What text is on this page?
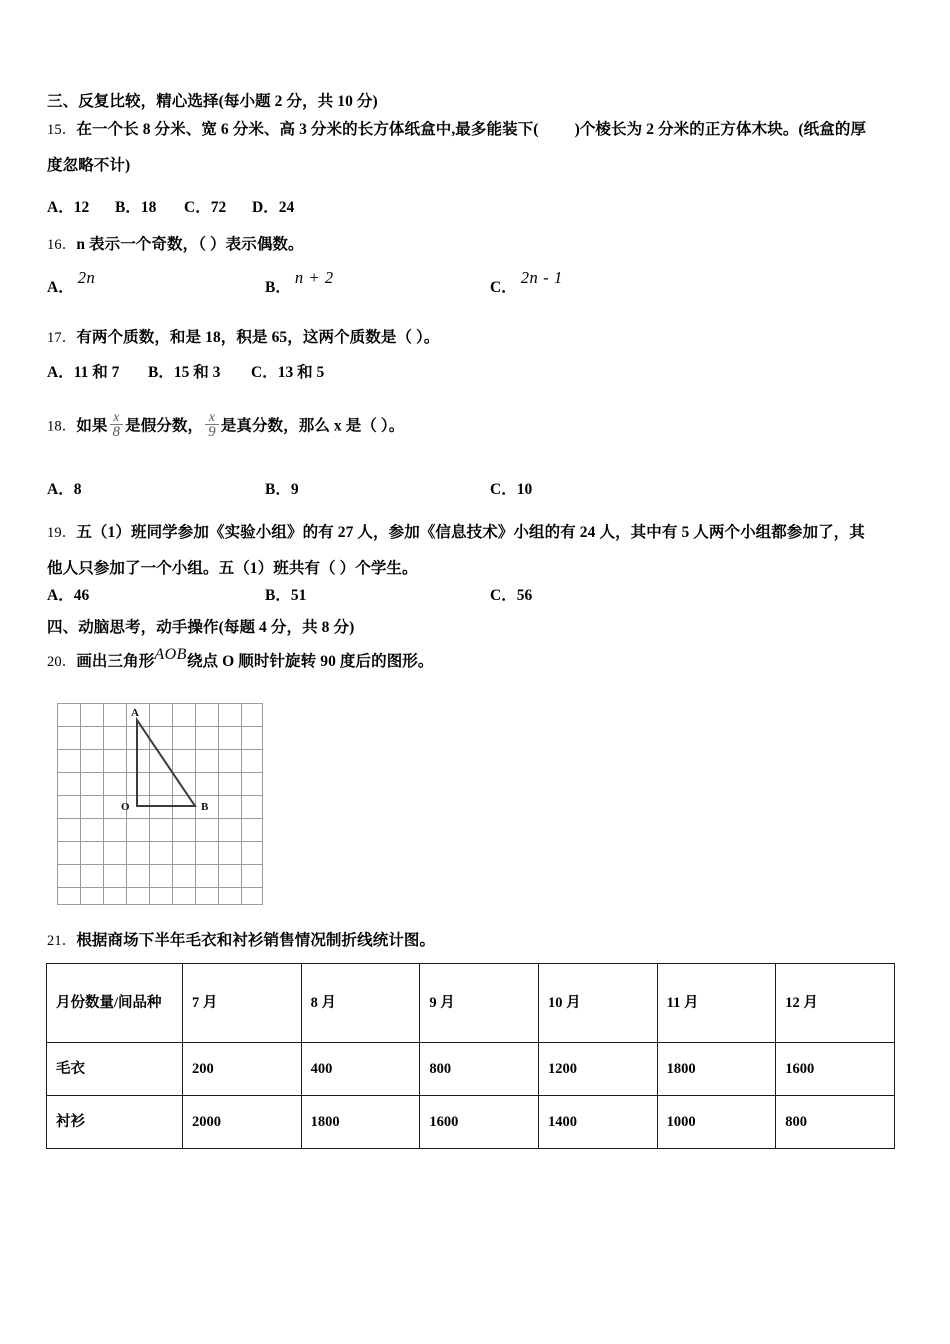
三、反复比较，精心选择(每小题 2 分，共 10 分)
15．在一个长 8 分米、宽 6 分米、高 3 分米的长方体纸盒中,最多能装下( )个棱长为 2 分米的正方体木块。(纸盒的厚
度忽略不计)
A．12 B．18 C．72 D．24
16．n 表示一个奇数，（ ）表示偶数。
A．2n
B．n + 2
C．2n - 1
17．有两个质数，和是 18，积是 65，这两个质数是（ ）。
A．11 和 7 B．15 和 3 C．13 和 5
18．如果 $\frac{x}{8}$ 是假分数， $\frac{x}{9}$ 是真分数，那么 x 是（ ）。
A．8	B．9	C．10
19．五（1）班同学参加《实验小组》的有 27 人，参加《信息技术》小组的有 24 人，其中有 5 人两个小组都参加了，其
他人只参加了一个小组。五（1）班共有（ ）个学生。
A．46	B．51	C．56
四、动脑思考，动手操作(每题 4 分，共 8 分)
20．画出三角形AOB绕点 O 顺时针旋转 90 度后的图形。
A
O	B
21．根据商场下半年毛衣和衬衫销售情况制折线统计图。
月份数量/间品种	7 月	8 月	9 月	10 月	11 月	12 月
毛衣	200	400	800	1200	1800	1600
衬衫	2000	1800	1600	1400	1000	800
